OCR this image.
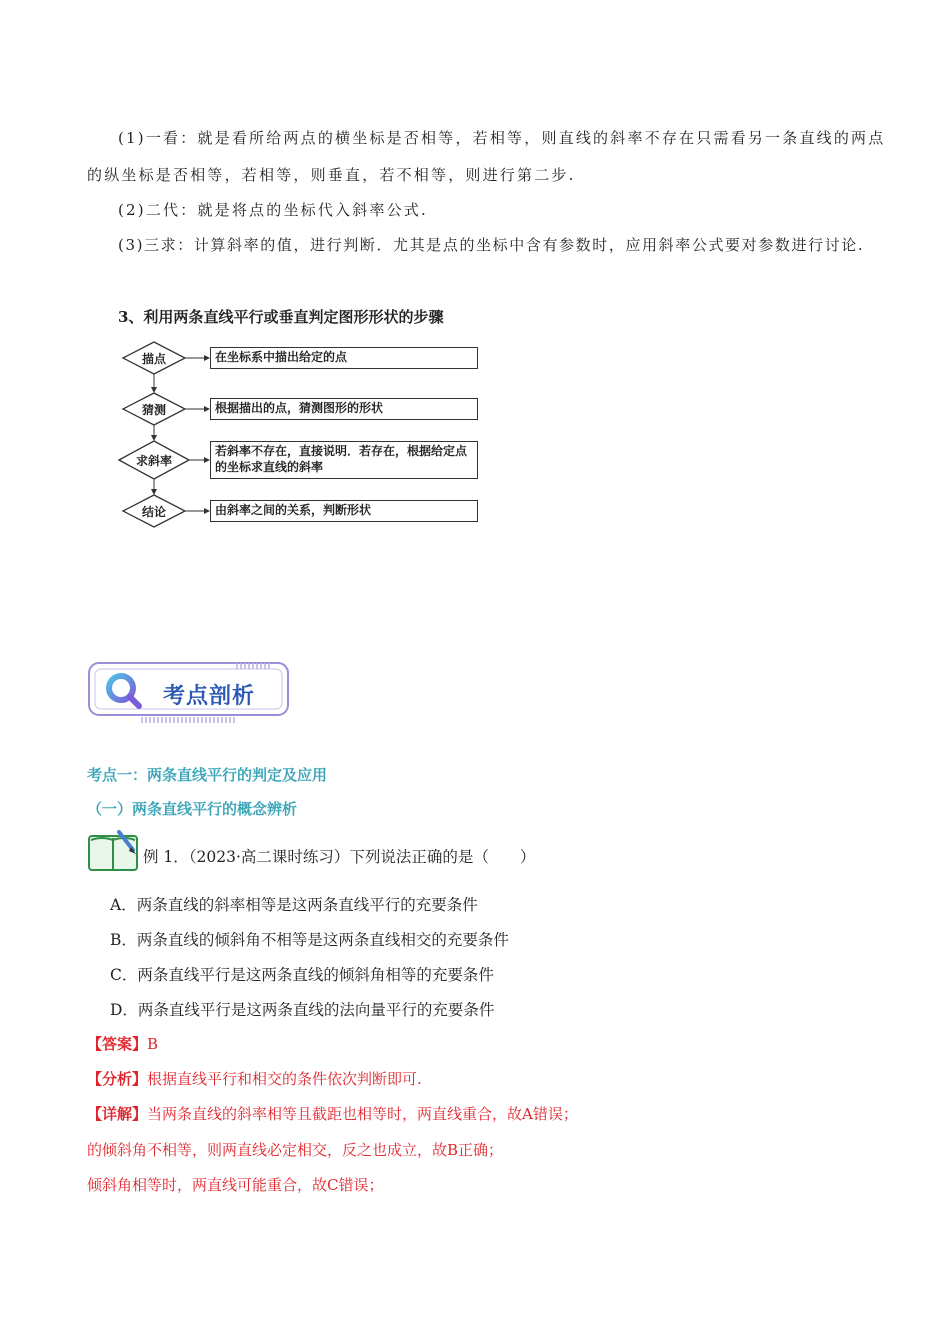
(1)一看：就是看所给两点的横坐标是否相等，若相等，则直线的斜率不存在只需看另一条直线的两点
的纵坐标是否相等，若相等，则垂直，若不相等，则进行第二步.
(2)二代：就是将点的坐标代入斜率公式.
(3)三求：计算斜率的值，进行判断．尤其是点的坐标中含有参数时，应用斜率公式要对参数进行讨论.
3、利用两条直线平行或垂直判定图形形状的步骤
描点
猜测
求斜率
结论
在坐标系中描出给定的点
根据描出的点，猜测图形的形状
若斜率不存在，直接说明．若存在，根据给定点
的坐标求直线的斜率
由斜率之间的关系，判断形状
考点剖析
考点一：两条直线平行的判定及应用
（一）两条直线平行的概念辨析
例 1．（2023·高二课时练习）下列说法正确的是（　　）
A．两条直线的斜率相等是这两条直线平行的充要条件
B．两条直线的倾斜角不相等是这两条直线相交的充要条件
C．两条直线平行是这两条直线的倾斜角相等的充要条件
D．两条直线平行是这两条直线的法向量平行的充要条件
【答案】B
【分析】根据直线平行和相交的条件依次判断即可.
【详解】当两条直线的斜率相等且截距也相等时，两直线重合，故A错误；
的倾斜角不相等，则两直线必定相交，反之也成立，故B正确；
倾斜角相等时，两直线可能重合，故C错误；
